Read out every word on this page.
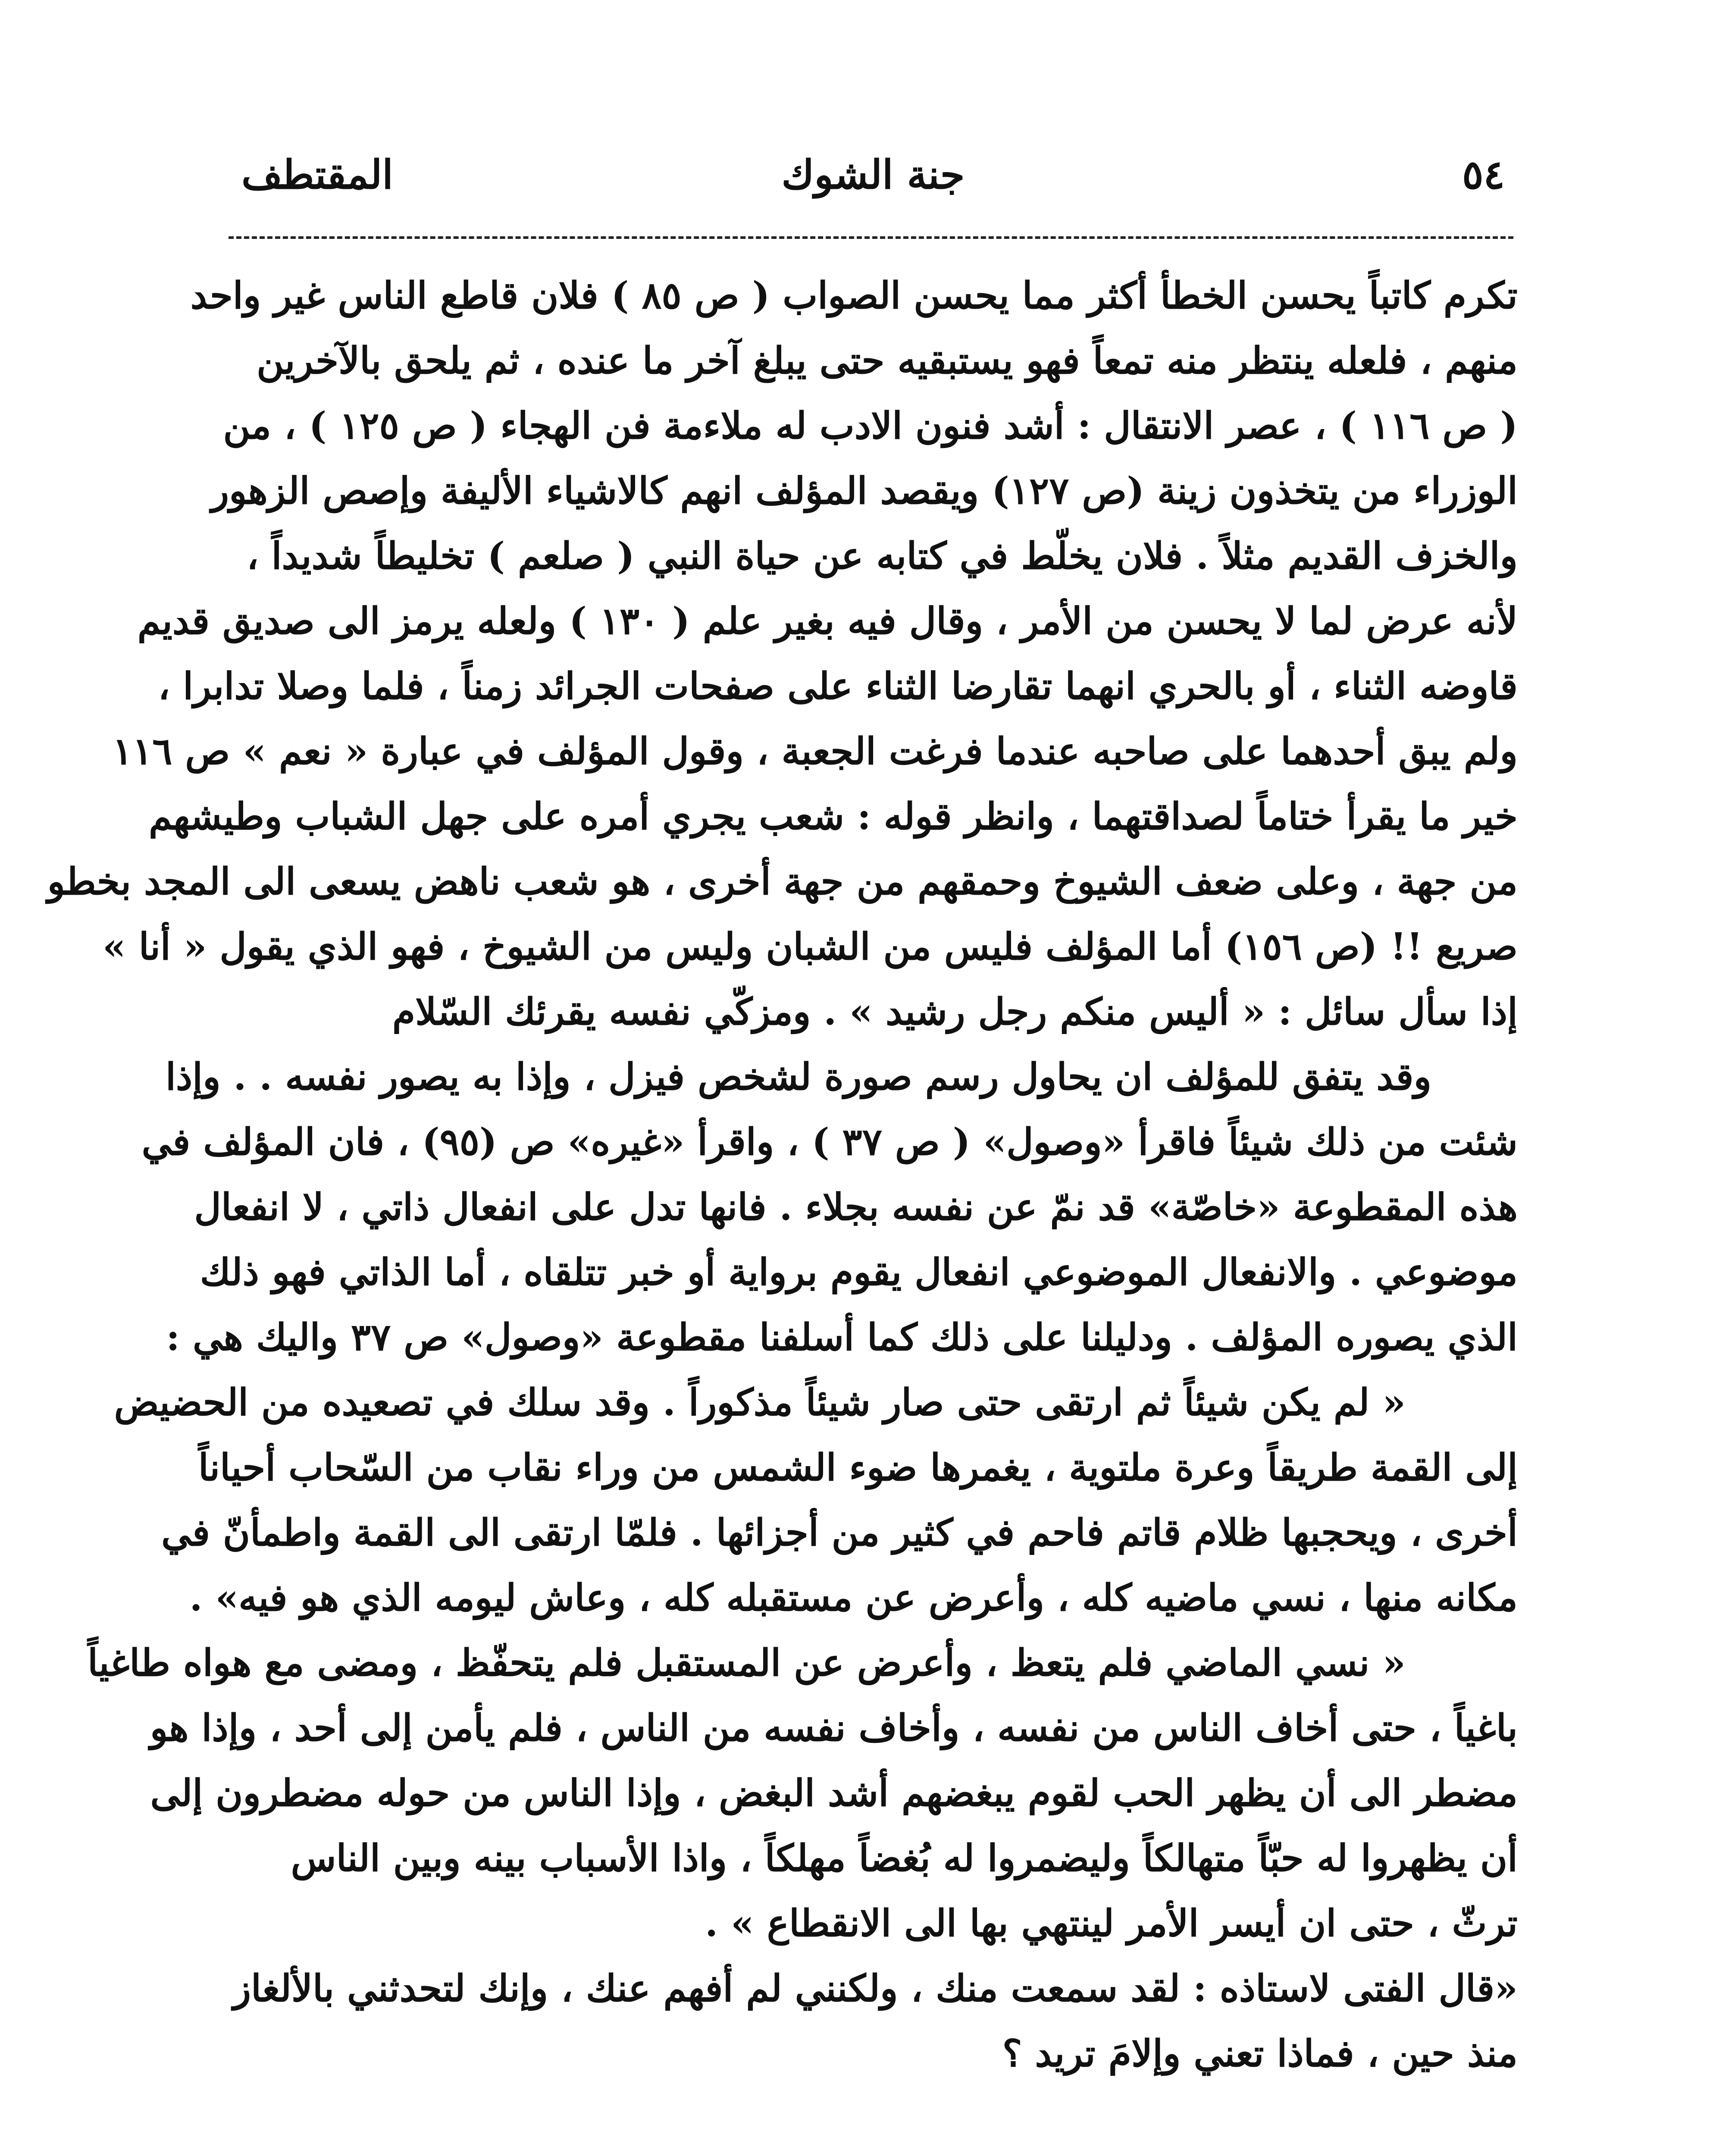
٥٤
جنة الشوك
المقتطف
تكرم كاتباً يحسن الخطأ أكثر مما يحسن الصواب ( ص ٨٥ ) فلان قاطع الناس غير واحد
منهم ، فلعله ينتظر منه تمعاً فهو يستبقيه حتى يبلغ آخر ما عنده ، ثم يلحق بالآخرين
( ص ١١٦ ) ، عصر الانتقال : أشد فنون الادب له ملاءمة فن الهجاء ( ص ١٢٥ ) ، من
الوزراء من يتخذون زينة (ص ١٢٧) ويقصد المؤلف انهم كالاشياء الأليفة وإصص الزهور
والخزف القديم مثلاً . فلان يخلّط في كتابه عن حياة النبي ( صلعم ) تخليطاً شديداً ،
لأنه عرض لما لا يحسن من الأمر ، وقال فيه بغير علم ( ١٣٠ ) ولعله يرمز الى صديق قديم
قاوضه الثناء ، أو بالحري انهما تقارضا الثناء على صفحات الجرائد زمناً ، فلما وصلا تدابرا ،
ولم يبق أحدهما على صاحبه عندما فرغت الجعبة ، وقول المؤلف في عبارة « نعم » ص ١١٦
خير ما يقرأ ختاماً لصداقتهما ، وانظر قوله : شعب يجري أمره على جهل الشباب وطيشهم
من جهة ، وعلى ضعف الشيوخ وحمقهم من جهة أخرى ، هو شعب ناهض يسعى الى المجد بخطو
صريع !! (ص ١٥٦) أما المؤلف فليس من الشبان وليس من الشيوخ ، فهو الذي يقول « أنا »
إذا سأل سائل : « أليس منكم رجل رشيد » . ومزكّي نفسه يقرئك السّلام
وقد يتفق للمؤلف ان يحاول رسم صورة لشخص فيزل ، وإذا به يصور نفسه . . وإذا
شئت من ذلك شيئاً فاقرأ «وصول» ( ص ٣٧ ) ، واقرأ «غيره» ص (٩٥) ، فان المؤلف في
هذه المقطوعة «خاصّة» قد نمّ عن نفسه بجلاء . فانها تدل على انفعال ذاتي ، لا انفعال
موضوعي . والانفعال الموضوعي انفعال يقوم برواية أو خبر تتلقاه ، أما الذاتي فهو ذلك
الذي يصوره المؤلف . ودليلنا على ذلك كما أسلفنا مقطوعة «وصول» ص ٣٧ واليك هي :
« لم يكن شيئاً ثم ارتقى حتى صار شيئاً مذكوراً . وقد سلك في تصعيده من الحضيض
إلى القمة طريقاً وعرة ملتوية ، يغمرها ضوء الشمس من وراء نقاب من السّحاب أحياناً
أخرى ، ويحجبها ظلام قاتم فاحم في كثير من أجزائها . فلمّا ارتقى الى القمة واطمأنّ في
مكانه منها ، نسي ماضيه كله ، وأعرض عن مستقبله كله ، وعاش ليومه الذي هو فيه» .
« نسي الماضي فلم يتعظ ، وأعرض عن المستقبل فلم يتحفّظ ، ومضى مع هواه طاغياً
باغياً ، حتى أخاف الناس من نفسه ، وأخاف نفسه من الناس ، فلم يأمن إلى أحد ، وإذا هو
مضطر الى أن يظهر الحب لقوم يبغضهم أشد البغض ، وإذا الناس من حوله مضطرون إلى
أن يظهروا له حبّاً متهالكاً وليضمروا له بُغضاً مهلكاً ، واذا الأسباب بينه وبين الناس
ترثّ ، حتى ان أيسر الأمر لينتهي بها الى الانقطاع » .
«قال الفتى لاستاذه : لقد سمعت منك ، ولكنني لم أفهم عنك ، وإنك لتحدثني بالألغاز
منذ حين ، فماذا تعني وإلامَ تريد ؟
